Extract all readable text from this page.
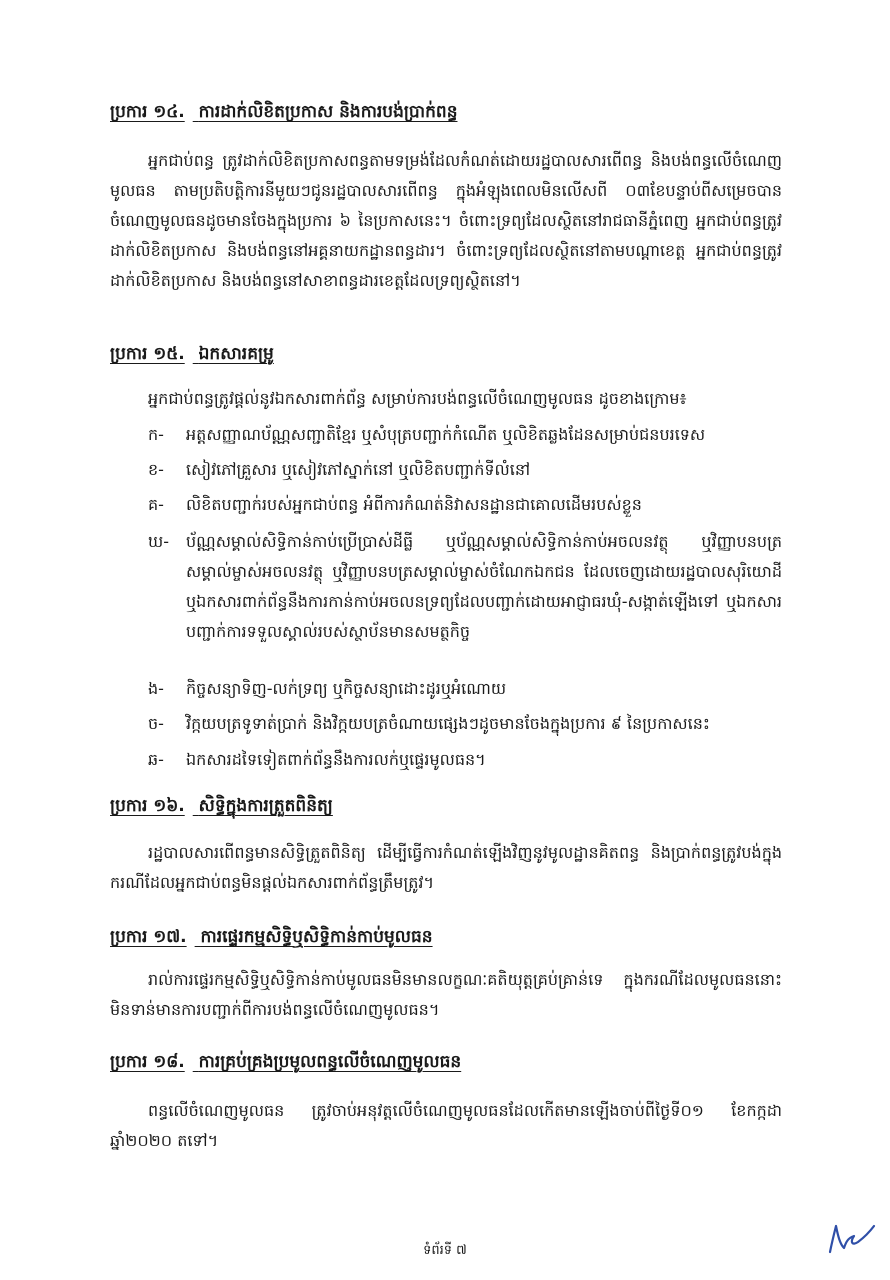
ប្រការ ១៤. ការដាក់លិខិតប្រកាស និងការបង់ប្រាក់ពន្ធ
អ្នកជាប់ពន្ធ ត្រូវដាក់លិខិតប្រកាសពន្ធតាមទម្រង់ដែលកំណត់ដោយរដ្ឋបាលសារពើពន្ធ និងបង់ពន្ធលើចំណេញមូលធន តាមប្រតិបត្តិការនីមួយៗជូនរដ្ឋបាលសារពើពន្ធ ក្នុងអំឡុងពេលមិនលើសពី ០៣ខែបន្ទាប់ពីសម្រេចបានចំណេញមូលធនដូចមានចែងក្នុងប្រការ ៦ នៃប្រកាសនេះ។ ចំពោះទ្រព្យដែលស្ថិតនៅរាជធានីភ្នំពេញ អ្នកជាប់ពន្ធត្រូវដាក់លិខិតប្រកាស និងបង់ពន្ធនៅអគ្គនាយកដ្ឋានពន្ធដារ។ ចំពោះទ្រព្យដែលស្ថិតនៅតាមបណ្តាខេត្ត អ្នកជាប់ពន្ធត្រូវដាក់លិខិតប្រកាស និងបង់ពន្ធនៅសាខាពន្ធដារខេត្តដែលទ្រព្យស្ថិតនៅ។
ប្រការ ១៥. ឯកសារគម្រូ
អ្នកជាប់ពន្ធត្រូវផ្តល់នូវឯកសារពាក់ព័ន្ធ សម្រាប់ការបង់ពន្ធលើចំណេញមូលធន ដូចខាងក្រោម៖
ក-	អត្តសញ្ញាណប័ណ្ណសញ្ជាតិខ្មែរ ឬសំបុត្របញ្ជាក់កំណើត ឬលិខិតឆ្លងដែនសម្រាប់ជនបរទេស
ខ-	សៀវភៅគ្រួសារ ឬសៀវភៅស្នាក់នៅ ឬលិខិតបញ្ជាក់ទីលំនៅ
គ-	លិខិតបញ្ជាក់របស់អ្នកជាប់ពន្ធ អំពីការកំណត់និវាសនដ្ឋានជាគោលដើមរបស់ខ្លួន
ឃ-	ប័ណ្ណសម្គាល់សិទ្ធិកាន់កាប់ប្រើប្រាស់ដីធ្លី ឬប័ណ្ណសម្គាល់សិទ្ធិកាន់កាប់អចលនវត្ថុ ឬវិញ្ញាបនបត្រសម្គាល់ម្ចាស់អចលនវត្ថុ ឬវិញ្ញាបនបត្រសម្គាល់ម្ចាស់ចំណែកឯកជន ដែលចេញដោយរដ្ឋបាលសុរិយោដី ឬឯកសារពាក់ព័ន្ធនឹងការកាន់កាប់អចលនទ្រព្យដែលបញ្ជាក់ដោយអាជ្ញាធរឃុំ-សង្កាត់ឡើងទៅ ឬឯកសារបញ្ជាក់ការទទួលស្គាល់របស់ស្ថាប័នមានសមត្ថកិច្ច
ង-	កិច្ចសន្យាទិញ-លក់ទ្រព្យ ឬកិច្ចសន្យាដោះដូរឬអំណោយ
ច-	វិក្កយបត្រទូទាត់ប្រាក់ និងវិក្កយបត្រចំណាយផ្សេងៗដូចមានចែងក្នុងប្រការ ៩ នៃប្រកាសនេះ
ឆ-	ឯកសារដទៃទៀតពាក់ព័ន្ធនឹងការលក់ឬផ្ទេរមូលធន។
ប្រការ ១៦. សិទ្ធិក្នុងការត្រួតពិនិត្យ
រដ្ឋបាលសារពើពន្ធមានសិទ្ធិត្រួតពិនិត្យ ដើម្បីធ្វើការកំណត់ឡើងវិញនូវមូលដ្ឋានគិតពន្ធ និងប្រាក់ពន្ធត្រូវបង់ក្នុងករណីដែលអ្នកជាប់ពន្ធមិនផ្តល់ឯកសារពាក់ព័ន្ធត្រឹមត្រូវ។
ប្រការ ១៧. ការផ្ទេរកម្មសិទ្ធិឬសិទ្ធិកាន់កាប់មូលធន
រាល់ការផ្ទេរកម្មសិទ្ធិឬសិទ្ធិកាន់កាប់មូលធនមិនមានលក្ខណៈគតិយុត្តគ្រប់គ្រាន់ទេ ក្នុងករណីដែលមូលធននោះមិនទាន់មានការបញ្ជាក់ពីការបង់ពន្ធលើចំណេញមូលធន។
ប្រការ ១៨. ការគ្រប់គ្រងប្រមូលពន្ធលើចំណេញមូលធន
ពន្ធលើចំណេញមូលធន ត្រូវចាប់អនុវត្តលើចំណេញមូលធនដែលកើតមានឡើងចាប់ពីថ្ងៃទី០១ ខែកក្កដា ឆ្នាំ២០២០ តទៅ។
ទំព័រទី ៧
